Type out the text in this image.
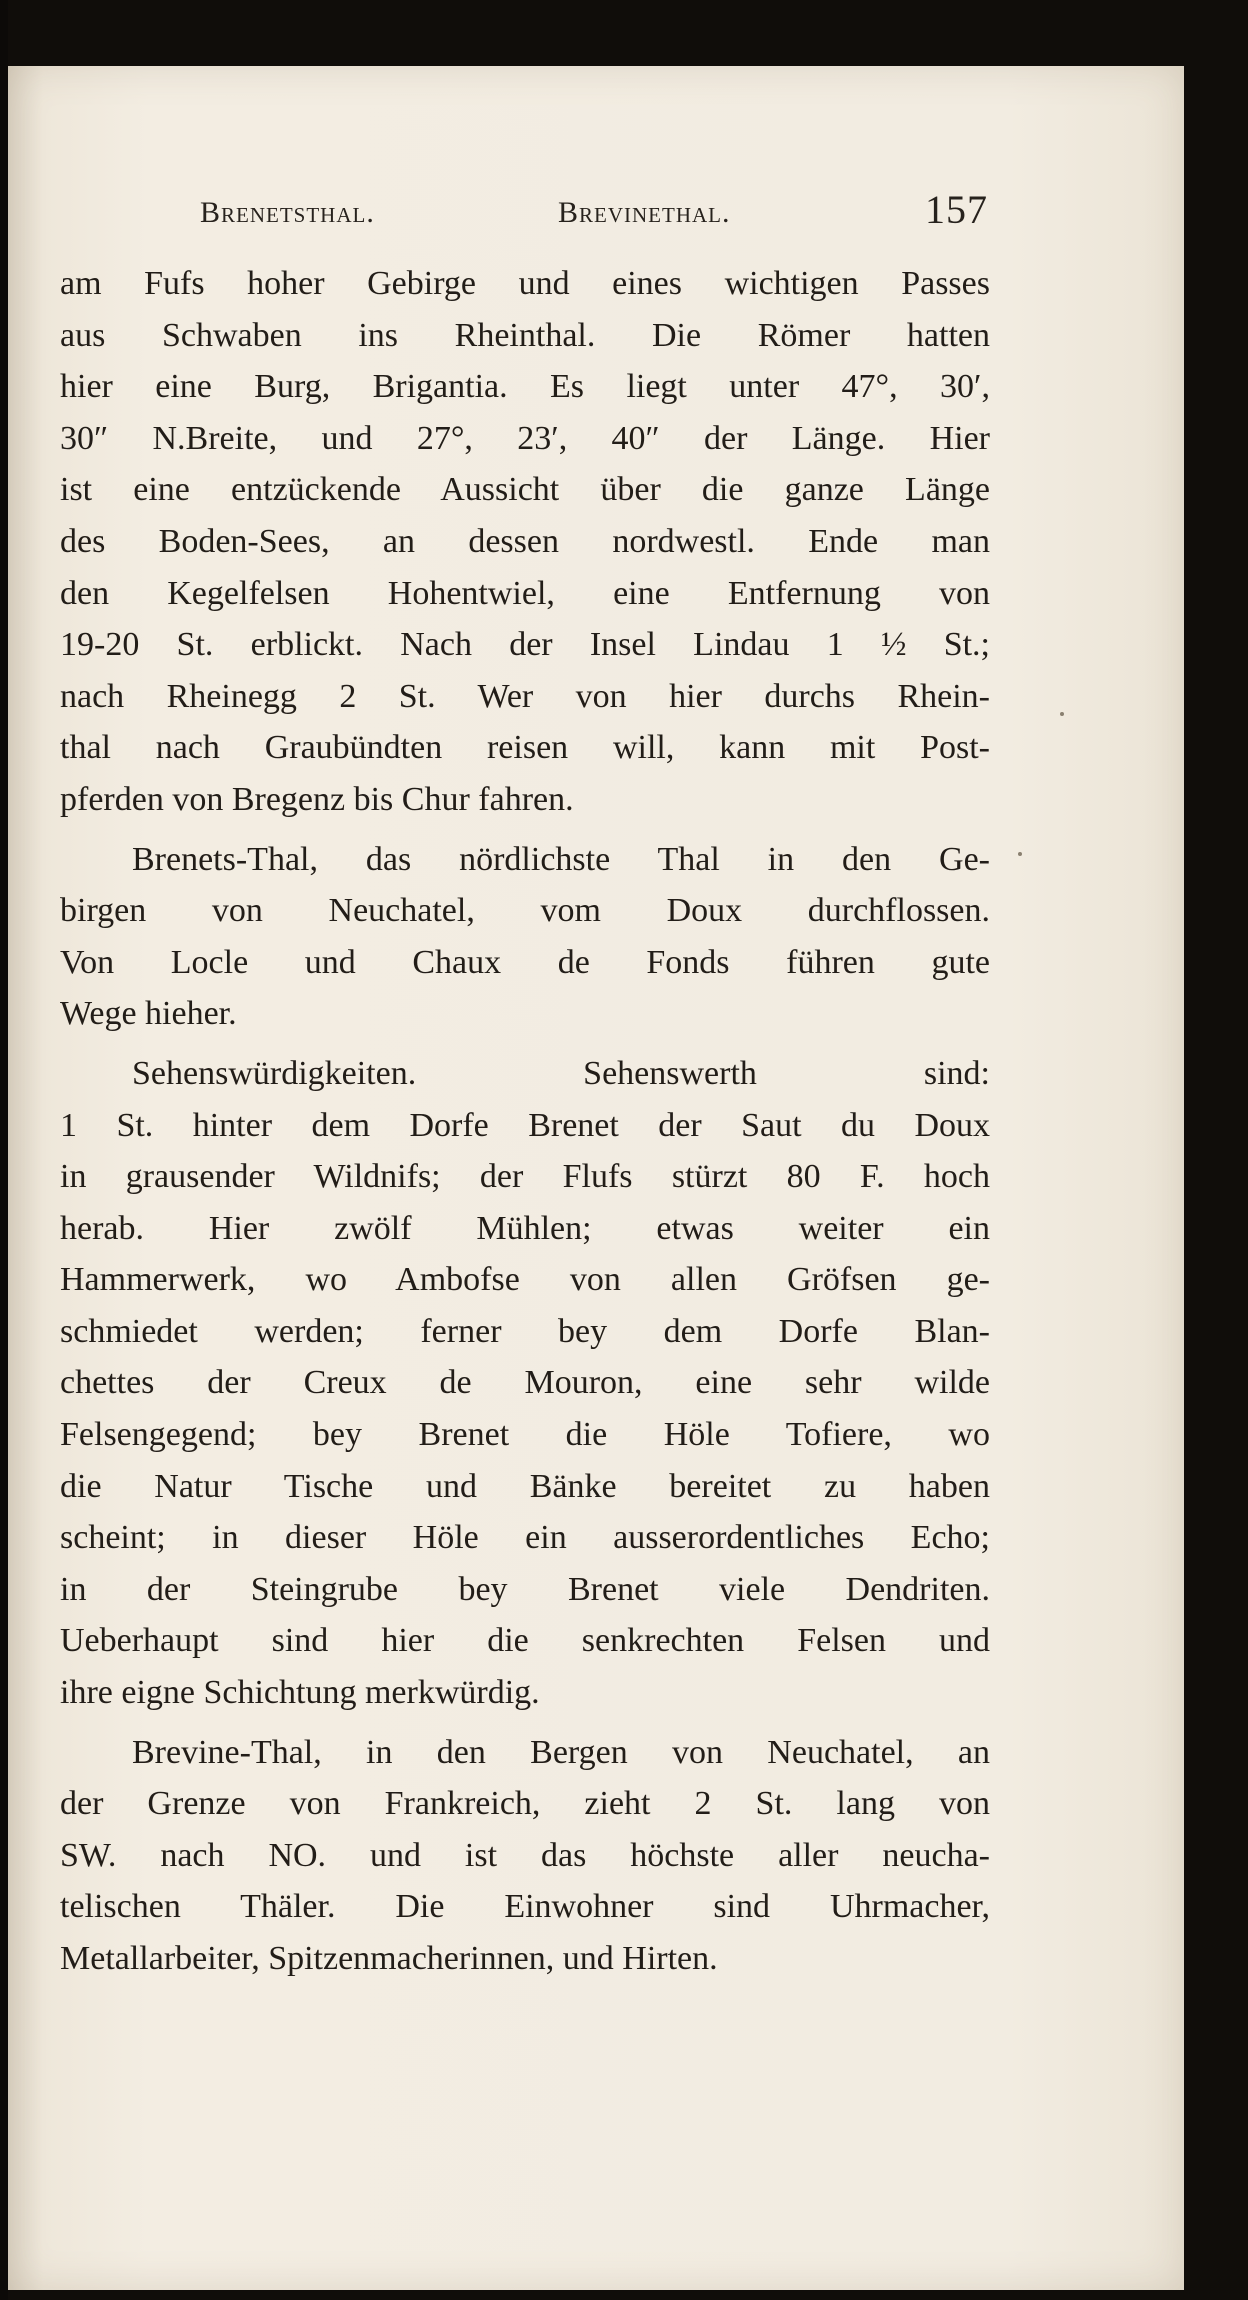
Brenetsthal.	Brevinethal.	157
am Fufs hoher Gebirge und eines wichtigen Passes
aus Schwaben ins Rheinthal. Die Römer hatten
hier eine Burg, Brigantia. Es liegt unter 47°, 30′,
30″ N.Breite, und 27°, 23′, 40″ der Länge. Hier
ist eine entzückende Aussicht über die ganze Länge
des Boden-Sees, an dessen nordwestl. Ende man
den Kegelfelsen Hohentwiel, eine Entfernung von
19-20 St. erblickt. Nach der Insel Lindau 1 ½ St.;
nach Rheinegg 2 St. Wer von hier durchs Rhein-
thal nach Graubündten reisen will, kann mit Post-
pferden von Bregenz bis Chur fahren.
Brenets-Thal, das nördlichste Thal in den Ge-
birgen von Neuchatel, vom Doux durchflossen.
Von Locle und Chaux de Fonds führen gute
Wege hieher.
Sehenswürdigkeiten. Sehenswerth sind:
1 St. hinter dem Dorfe Brenet der Saut du Doux
in grausender Wildnifs; der Flufs stürzt 80 F. hoch
herab. Hier zwölf Mühlen; etwas weiter ein
Hammerwerk, wo Ambofse von allen Gröfsen ge-
schmiedet werden; ferner bey dem Dorfe Blan-
chettes der Creux de Mouron, eine sehr wilde
Felsengegend; bey Brenet die Höle Tofiere, wo
die Natur Tische und Bänke bereitet zu haben
scheint; in dieser Höle ein ausserordentliches Echo;
in der Steingrube bey Brenet viele Dendriten.
Ueberhaupt sind hier die senkrechten Felsen und
ihre eigne Schichtung merkwürdig.
Brevine-Thal, in den Bergen von Neuchatel, an
der Grenze von Frankreich, zieht 2 St. lang von
SW. nach NO. und ist das höchste aller neucha-
telischen Thäler. Die Einwohner sind Uhrmacher,
Metallarbeiter, Spitzenmacherinnen, und Hirten.
